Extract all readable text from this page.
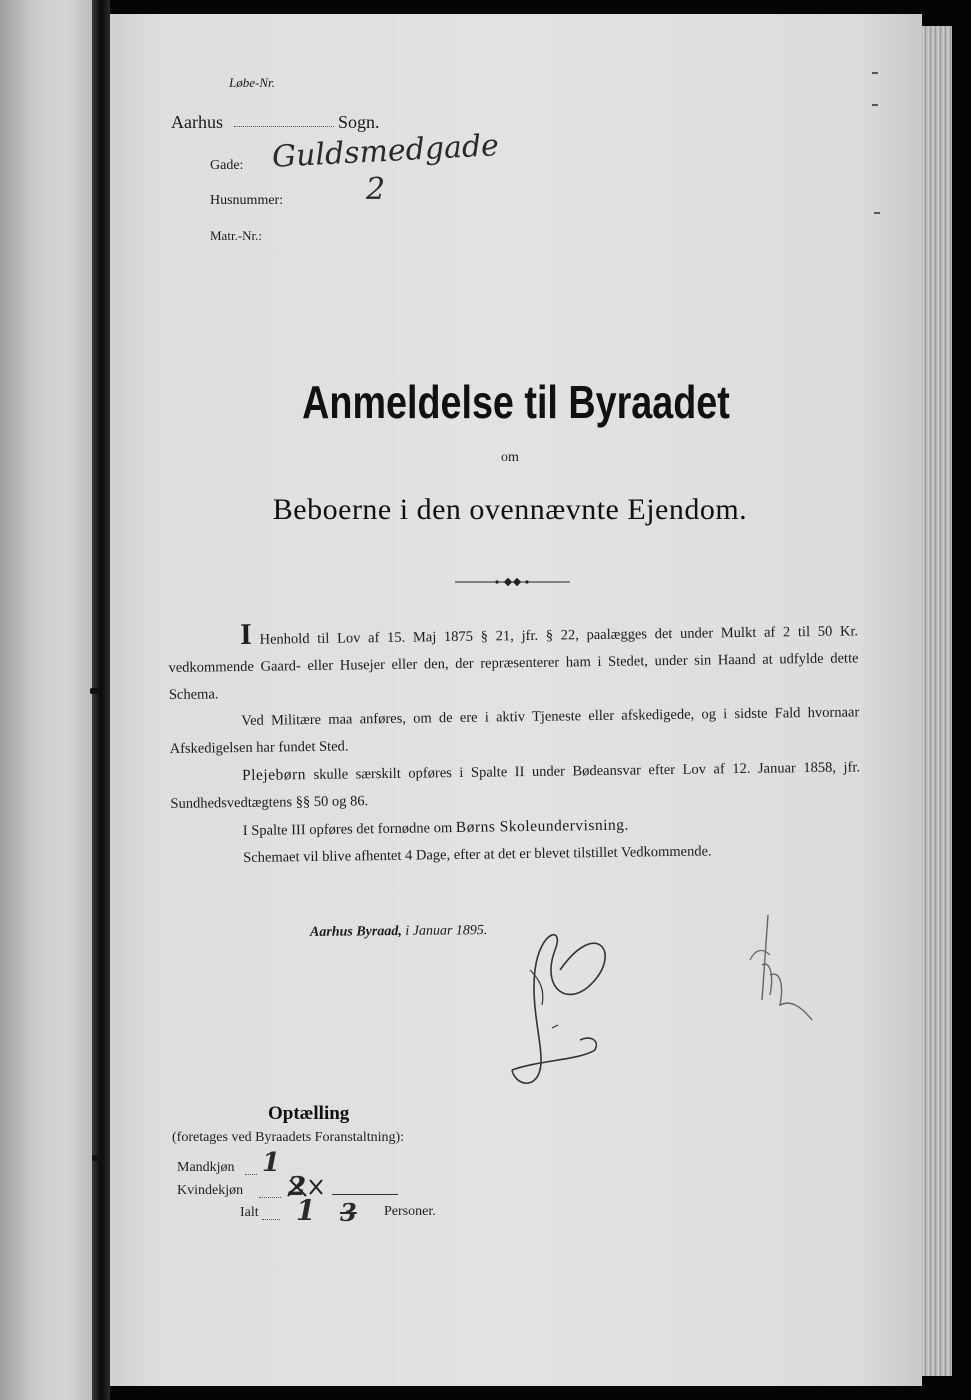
Løbe-Nr.
Aarhus	Sogn.
Gade: Guldsmedgade
Husnummer:	2
Matr.-Nr.:
Anmeldelse til Byraadet
om
Beboerne i den ovennævnte Ejendom.

I Henhold til Lov af 15. Maj 1875 § 21, jfr. § 22, paalægges det under Mulkt af 2 til 50 Kr. vedkommende Gaard- eller Husejer eller den, der repræsenterer ham i Stedet, under sin Haand at udfylde dette Schema.

Ved Militære maa anføres, om de ere i aktiv Tjeneste eller afskedigede, og i sidste Fald hvornaar Afskedigelsen har fundet Sted.

Plejebørn skulle særskilt opføres i Spalte II under Bødeansvar efter Lov af 12. Januar 1858, jfr. Sundhedsvedtægtens §§ 50 og 86.

I Spalte III opføres det fornødne om Børns Skoleundervisning.

Schemaet vil blive afhentet 4 Dage, efter at det er blevet tilstillet Vedkommende.

Aarhus Byraad, i Januar 1895.
Optælling
(foretages ved Byraadets Foranstaltning):
Mandkjøn 1
Kvindekjøn 2
Ialt 1 3 Personer.
